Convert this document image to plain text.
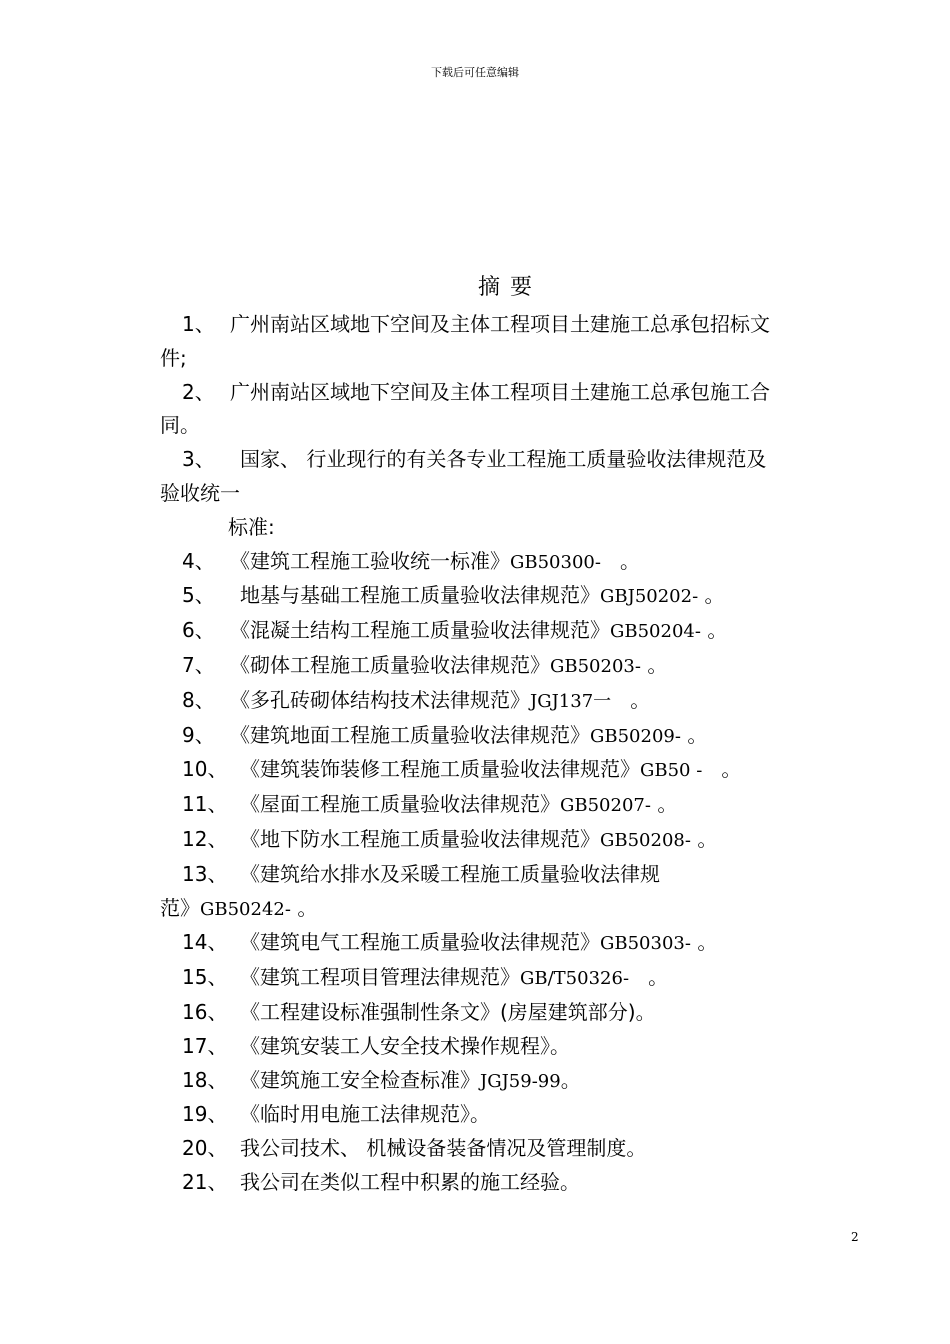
下载后可任意编辑
摘要
1、 广州南站区域地下空间及主体工程项目土建施工总承包招标文
件;
2、 广州南站区域地下空间及主体工程项目土建施工总承包施工合
同。
3、 国家、 行业现行的有关各专业工程施工质量验收法律规范及
验收统一
标准:
4、 《建筑工程施工验收统一标准》GB50300- 。
5、 地基与基础工程施工质量验收法律规范》GBJ50202- 。
6、 《混凝土结构工程施工质量验收法律规范》GB50204- 。
7、 《砌体工程施工质量验收法律规范》GB50203- 。
8、 《多孔砖砌体结构技术法律规范》JGJ137一 。
9、 《建筑地面工程施工质量验收法律规范》GB50209- 。
10、 《建筑装饰装修工程施工质量验收法律规范》GB50 - 。
11、 《屋面工程施工质量验收法律规范》GB50207- 。
12、 《地下防水工程施工质量验收法律规范》GB50208- 。
13、 《建筑给水排水及采暖工程施工质量验收法律规
范》GB50242- 。
14、 《建筑电气工程施工质量验收法律规范》GB50303- 。
15、 《建筑工程项目管理法律规范》GB/T50326- 。
16、 《工程建设标准强制性条文》(房屋建筑部分)。
17、 《建筑安装工人安全技术操作规程》。
18、 《建筑施工安全检查标准》JGJ59-99。
19、 《临时用电施工法律规范》。
20、 我公司技术、 机械设备装备情况及管理制度。
21、 我公司在类似工程中积累的施工经验。
2
